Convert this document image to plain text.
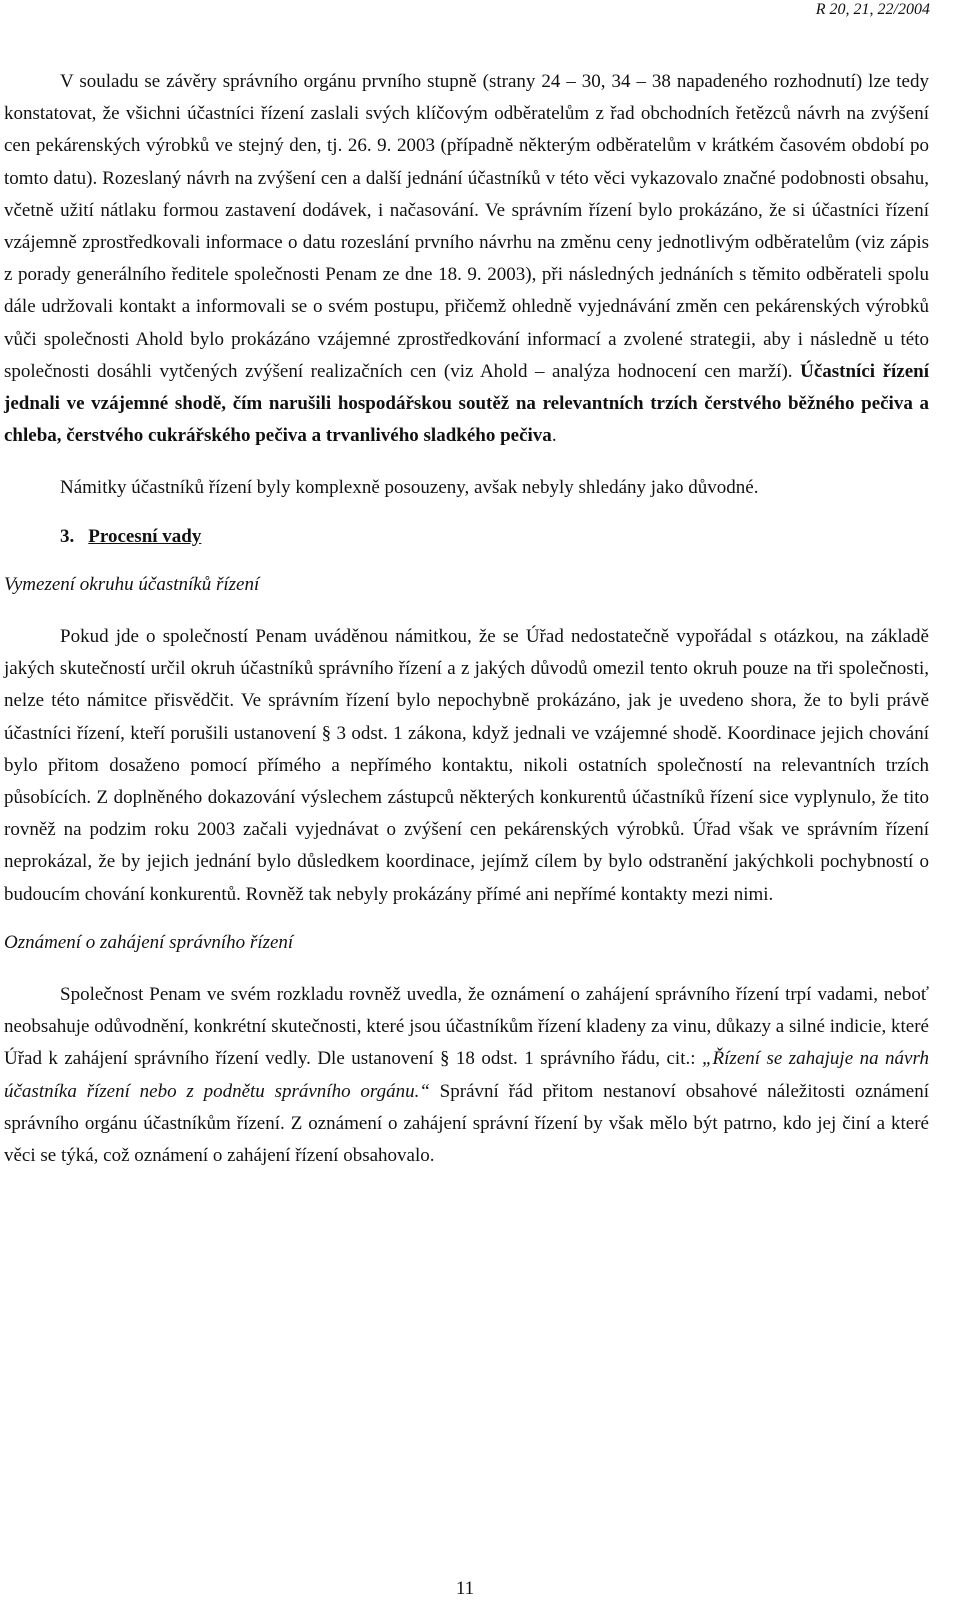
R 20, 21, 22/2004

V souladu se závěry správního orgánu prvního stupně (strany 24 – 30, 34 – 38 napadeného rozhodnutí) lze tedy konstatovat, že všichni účastníci řízení zaslali svých klíčovým odběratelům z řad obchodních řetězců návrh na zvýšení cen pekárenských výrobků ve stejný den, tj. 26. 9. 2003 (případně některým odběratelům v krátkém časovém období po tomto datu). Rozeslaný návrh na zvýšení cen a další jednání účastníků v této věci vykazovalo značné podobnosti obsahu, včetně užití nátlaku formou zastavení dodávek, i načasování. Ve správním řízení bylo prokázáno, že si účastníci řízení vzájemně zprostředkovali informace o datu rozeslání prvního návrhu na změnu ceny jednotlivým odběratelům (viz zápis z porady generálního ředitele společnosti Penam ze dne 18. 9. 2003), při následných jednáních s těmito odběrateli spolu dále udržovali kontakt a informovali se o svém postupu, přičemž ohledně vyjednávání změn cen pekárenských výrobků vůči společnosti Ahold bylo prokázáno vzájemné zprostředkování informací a zvolené strategii, aby i následně u této společnosti dosáhli vytčených zvýšení realizačních cen (viz Ahold – analýza hodnocení cen marží). Účastníci řízení jednali ve vzájemné shodě, čím narušili hospodářskou soutěž na relevantních trzích čerstvého běžného pečiva a chleba, čerstvého cukrářského pečiva a trvanlivého sladkého pečiva.

Námitky účastníků řízení byly komplexně posouzeny, avšak nebyly shledány jako důvodné.

3. Procesní vady

Vymezení okruhu účastníků řízení

Pokud jde o společností Penam uváděnou námitkou, že se Úřad nedostatečně vypořádal s otázkou, na základě jakých skutečností určil okruh účastníků správního řízení a z jakých důvodů omezil tento okruh pouze na tři společnosti, nelze této námitce přisvědčit. Ve správním řízení bylo nepochybně prokázáno, jak je uvedeno shora, že to byli právě účastníci řízení, kteří porušili ustanovení § 3 odst. 1 zákona, když jednali ve vzájemné shodě. Koordinace jejich chování bylo přitom dosaženo pomocí přímého a nepřímého kontaktu, nikoli ostatních společností na relevantních trzích působících. Z doplněného dokazování výslechem zástupců některých konkurentů účastníků řízení sice vyplynulo, že tito rovněž na podzim roku 2003 začali vyjednávat o zvýšení cen pekárenských výrobků. Úřad však ve správním řízení neprokázal, že by jejich jednání bylo důsledkem koordinace, jejímž cílem by bylo odstranění jakýchkoli pochybností o budoucím chování konkurentů. Rovněž tak nebyly prokázány přímé ani nepřímé kontakty mezi nimi.

Oznámení o zahájení správního řízení

Společnost Penam ve svém rozkladu rovněž uvedla, že oznámení o zahájení správního řízení trpí vadami, neboť neobsahuje odůvodnění, konkrétní skutečnosti, které jsou účastníkům řízení kladeny za vinu, důkazy a silné indicie, které Úřad k zahájení správního řízení vedly. Dle ustanovení § 18 odst. 1 správního řádu, cit.: „Řízení se zahajuje na návrh účastníka řízení nebo z podnětu správního orgánu.“ Správní řád přitom nestanoví obsahové náležitosti oznámení správního orgánu účastníkům řízení. Z oznámení o zahájení správní řízení by však mělo být patrno, kdo jej činí a které věci se týká, což oznámení o zahájení řízení obsahovalo.

11
